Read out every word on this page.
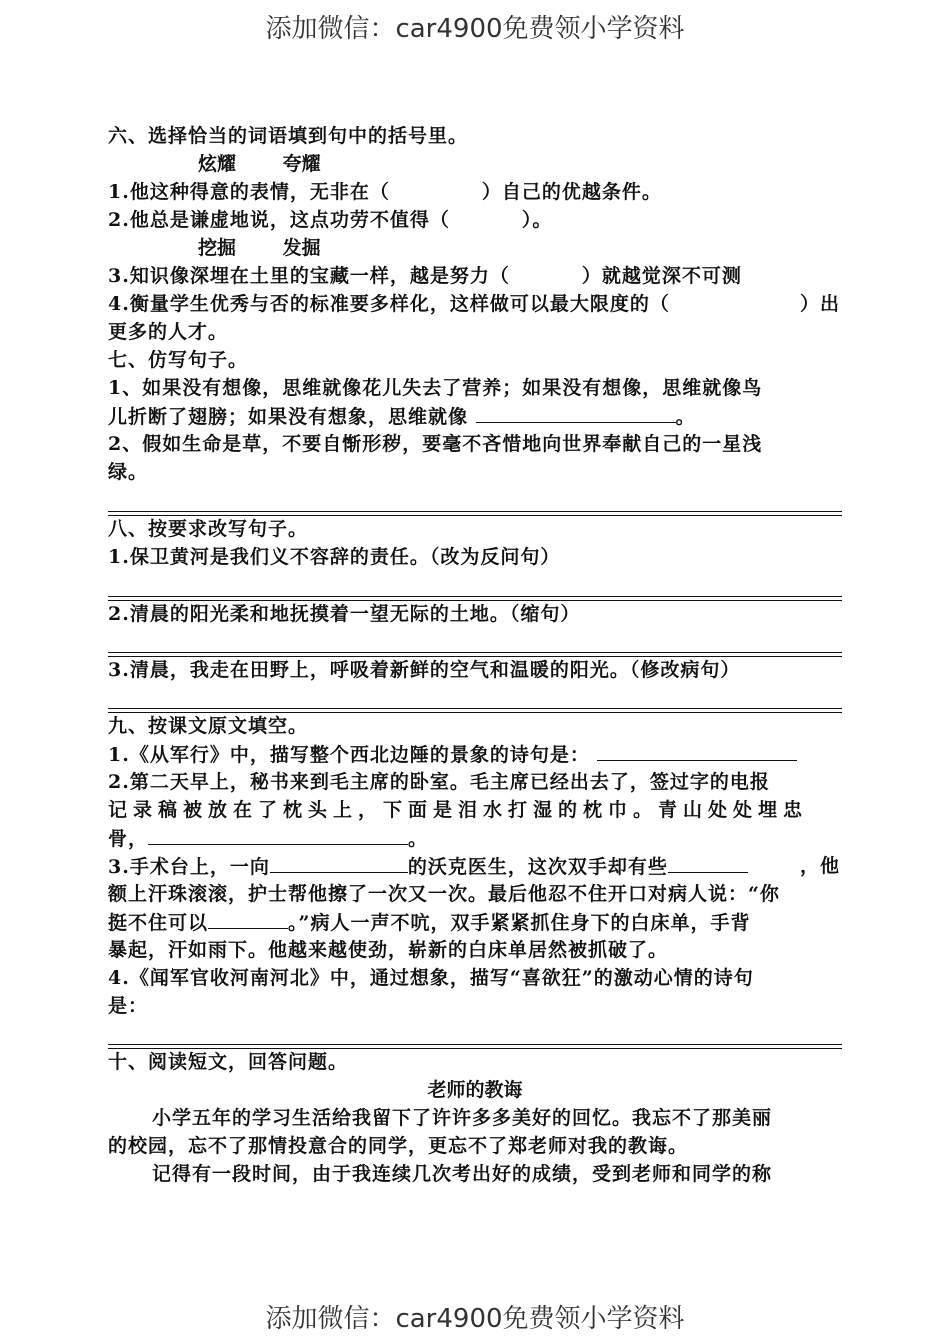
添加微信：car4900免费领小学资料
六、选择恰当的词语填到句中的括号里。
炫耀 夸耀
1.他这种得意的表情，无非在（	）自己的优越条件。
2.他总是谦虚地说，这点功劳不值得（	）。
挖掘 发掘
3.知识像深埋在土里的宝藏一样，越是努力（	）就越觉深不可测
4.衡量学生优秀与否的标准要多样化，这样做可以最大限度的（	）出
更多的人才。
七、仿写句子。
1、如果没有想像，思维就像花儿失去了营养；如果没有想像，思维就像鸟
儿折断了翅膀；如果没有想象，思维就像	。
2、假如生命是草，不要自惭形秽，要毫不吝惜地向世界奉献自己的一星浅
绿。
八、按要求改写句子。
1.保卫黄河是我们义不容辞的责任。（改为反问句）
2.清晨的阳光柔和地抚摸着一望无际的土地。（缩句）
3.清晨，我走在田野上，呼吸着新鲜的空气和温暖的阳光。（修改病句）
九、按课文原文填空。
1.《从军行》中，描写整个西北边陲的景象的诗句是：
2.第二天早上，秘书来到毛主席的卧室。毛主席已经出去了，签过字的电报
记录稿被放在了枕头上，下面是泪水打湿的枕巾。青山处处埋忠
骨，	。
3.手术台上，一向	的沃克医生，这次双手却有些	，他
额上汗珠滚滚，护士帮他擦了一次又一次。最后他忍不住开口对病人说：“你
挺不住可以	。”病人一声不吭，双手紧紧抓住身下的白床单，手背
暴起，汗如雨下。他越来越使劲，崭新的白床单居然被抓破了。
4.《闻军官收河南河北》中，通过想象，描写“喜欲狂”的激动心情的诗句
是：
十、阅读短文，回答问题。
老师的教诲
小学五年的学习生活给我留下了许许多多美好的回忆。我忘不了那美丽
的校园，忘不了那情投意合的同学，更忘不了郑老师对我的教诲。
记得有一段时间，由于我连续几次考出好的成绩，受到老师和同学的称
添加微信：car4900免费领小学资料
